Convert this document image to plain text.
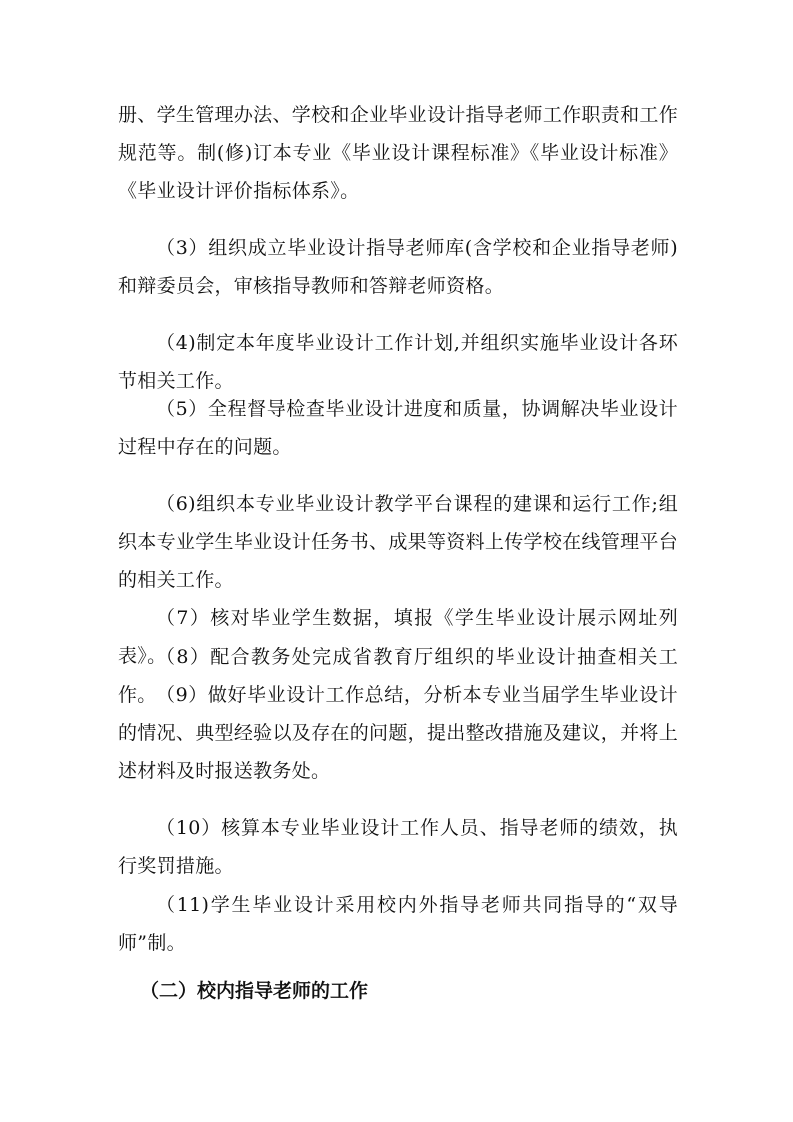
册、学生管理办法、学校和企业毕业设计指导老师工作职责和工作规范等。制(修)订本专业《毕业设计课程标准》《毕业设计标准》《毕业设计评价指标体系》。

（3）组织成立毕业设计指导老师库(含学校和企业指导老师)和辩委员会，审核指导教师和答辩老师资格。

（4)制定本年度毕业设计工作计划,并组织实施毕业设计各环节相关工作。

（5）全程督导检查毕业设计进度和质量，协调解决毕业设计过程中存在的问题。

（6)组织本专业毕业设计教学平台课程的建课和运行工作;组织本专业学生毕业设计任务书、成果等资料上传学校在线管理平台的相关工作。

（7）核对毕业学生数据，填报《学生毕业设计展示网址列表》。

（8）配合教务处完成省教育厅组织的毕业设计抽查相关工作。 （9）做好毕业设计工作总结，分析本专业当届学生毕业设计的情况、典型经验以及存在的问题，提出整改措施及建议，并将上述材料及时报送教务处。

（10）核算本专业毕业设计工作人员、指导老师的绩效，执行奖罚措施。

（11)学生毕业设计采用校内外指导老师共同指导的“双导师”制。

（二）校内指导老师的工作
